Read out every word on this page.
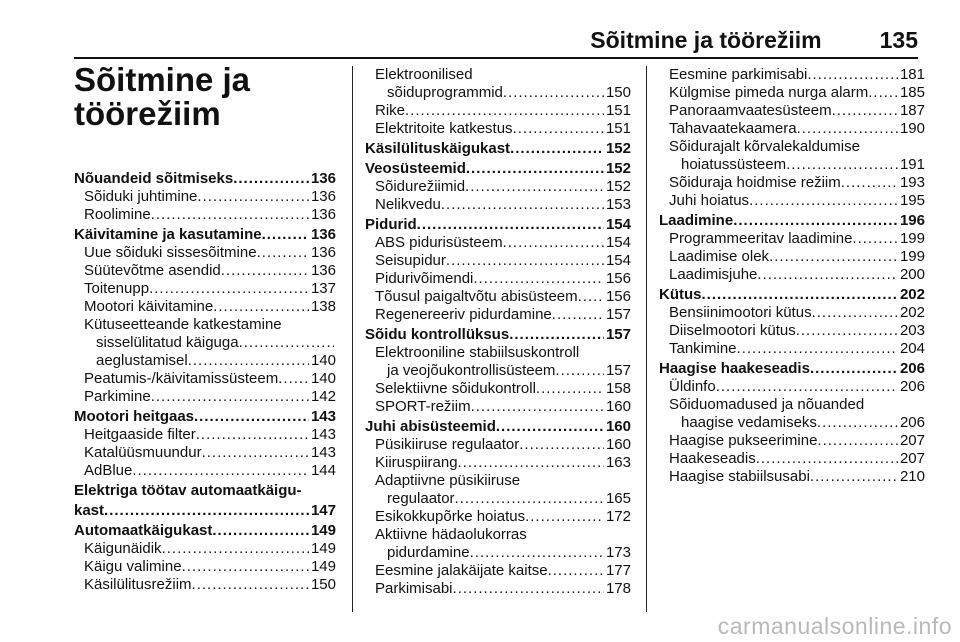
Sõitmine ja töörežiim	135
Sõitmine ja
töörežiim
Nõuandeid sõitmiseks .....	136
Sõiduki juhtimine .....	136
Roolimine .....	136
Käivitamine ja kasutamine .....	136
Uue sõiduki sissesõitmine .....	136
Süütevõtme asendid .....	136
Toitenupp .....	137
Mootori käivitamine .....	138
Kütuseetteande katkestamine
sisselülitatud käiguga
.....
aeglustamisel .....	140
Peatumis-/käivitamissüsteem ..... 140
Parkimine .....	142
Mootori heitgaas .....	143
Heitgaaside filter .....	143
Katalüüsmuundur .....	143
AdBlue .....	144
Elektriga töötav automaatkäigu-
kast .....	147
Automaatkäigukast .....	149
Käigunäidik .....	149
Käigu valimine .....	149
Käsilülitusrežiim .....	150
Elektroonilised
sõiduprogrammid .....	150
Rike .....	151
Elektritoite katkestus .....	151
Käsilülituskäigukast .....	152
Veosüsteemid .....	152
Sõidurežiimid .....	152
Nelikvedu .....	153
Pidurid .....	154
ABS pidurisüsteem .....	154
Seisupidur .....	154
Pidurivõimendi .....	156
Tõusul paigaltvõtu abisüsteem ..... 156
Regenereeriv pidurdamine .....	157
Sõidu kontrollüksus .....	157
Elektrooniline stabiilsuskontroll
ja veojõukontrollisüsteem .....	157
Selektiivne sõidukontroll .....	158
SPORT-režiim .....	160
Juhi abisüsteemid .....	160
Püsikiiruse regulaator .....	160
Kiiruspiirang .....	163
Adaptiivne püsikiiruse
regulaator .....	165
Esikokkupõrke hoiatus .....	172
Aktiivne hädaolukorras
pidurdamine .....	173
Eesmine jalakäijate kaitse .....	177
Parkimisabi .....	178
Eesmine parkimisabi .....	181
Külgmise pimeda nurga alarm ..... 185
Panoraamvaatesüsteem .....	187
Tahavaatekaamera .....	190
Sõidurajalt kõrvalekaldumise
hoiatussüsteem .....	191
Sõiduraja hoidmise režiim .....	193
Juhi hoiatus .....	195
Laadimine .....	196
Programmeeritav laadimine .....	199
Laadimise olek .....	199
Laadimisjuhe .....	200
Kütus .....	202
Bensiinimootori kütus .....	202
Diiselmootori kütus .....	203
Tankimine .....	204
Haagise haakeseadis .....	206
Üldinfo .....	206
Sõiduomadused ja nõuanded
haagise vedamiseks .....	206
Haagise pukseerimine .....	207
Haakeseadis .....	207
Haagise stabiilsusabi .....	210
carmanualsonline.info
